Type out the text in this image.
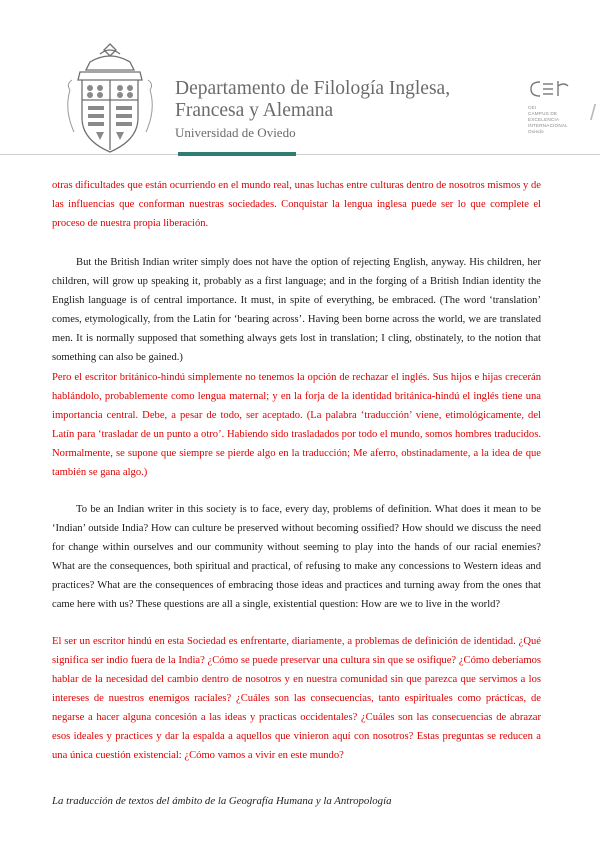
Departamento de Filología Inglesa,
Francesa y Alemana
Universidad de Oviedo
CEI
CAMPUS DE EXCELENCIA
INTERNACIONAL
Oviedo
/

otras dificultades que están ocurriendo en el mundo real, unas luchas entre culturas dentro de nosotros mismos y de las influencias que conforman nuestras sociedades. Conquistar la lengua inglesa puede ser lo que complete el proceso de nuestra propia liberación.

But the British Indian writer simply does not have the option of rejecting English, anyway. His children, her children, will grow up speaking it, probably as a first language; and in the forging of a British Indian identity the English language is of central importance. It must, in spite of everything, be embraced. (The word ‘translation’ comes, etymologically, from the Latin for ‘bearing across’. Having been borne across the world, we are translated men. It is normally supposed that something always gets lost in translation; I cling, obstinately, to the notion that something can also be gained.)

Pero el escritor británico-hindú simplemente no tenemos la opción de rechazar el inglés. Sus hijos e hijas crecerán hablándolo, probablemente como lengua maternal; y en la forja de la identidad británica-hindú el inglés tiene una importancia central. Debe, a pesar de todo, ser aceptado. (La palabra ‘traducción’ viene, etimológicamente, del Latín para ‘trasladar de un punto a otro’. Habiendo sido trasladados por todo el mundo, somos hombres traducidos. Normalmente, se supone que siempre se pierde algo en la traducción; Me aferro, obstinadamente, a la idea de que también se gana algo.)

To be an Indian writer in this society is to face, every day, problems of definition. What does it mean to be ‘Indian’ outside India? How can culture be preserved without becoming ossified? How should we discuss the need for change within ourselves and our community without seeming to play into the hands of our racial enemies? What are the consequences, both spiritual and practical, of refusing to make any concessions to Western ideas and practices? What are the consequences of embracing those ideas and practices and turning away from the ones that came here with us? These questions are all a single, existential question: How are we to live in the world?

El ser un escritor hindú en esta Sociedad es enfrentarte, diariamente, a problemas de definición de identidad. ¿Qué significa ser indio fuera de la India? ¿Cómo se puede preservar una cultura sin que se osifique? ¿Cómo deberíamos hablar de la necesidad del cambio dentro de nosotros y en nuestra comunidad sin que parezca que servimos a los intereses de nuestros enemigos raciales? ¿Cuáles son las consecuencias, tanto espirituales como prácticas, de negarse a hacer alguna concesión a las ideas y practicas occidentales? ¿Cuáles son las consecuencias de abrazar esos ideales y practices y dar la espalda a aquellos que vinieron aquí con nosotros? Estas preguntas se reducen a una única cuestión existencial: ¿Cómo vamos a vivir en este mundo?

La traducción de textos del ámbito de la Geografía Humana y la Antropología
